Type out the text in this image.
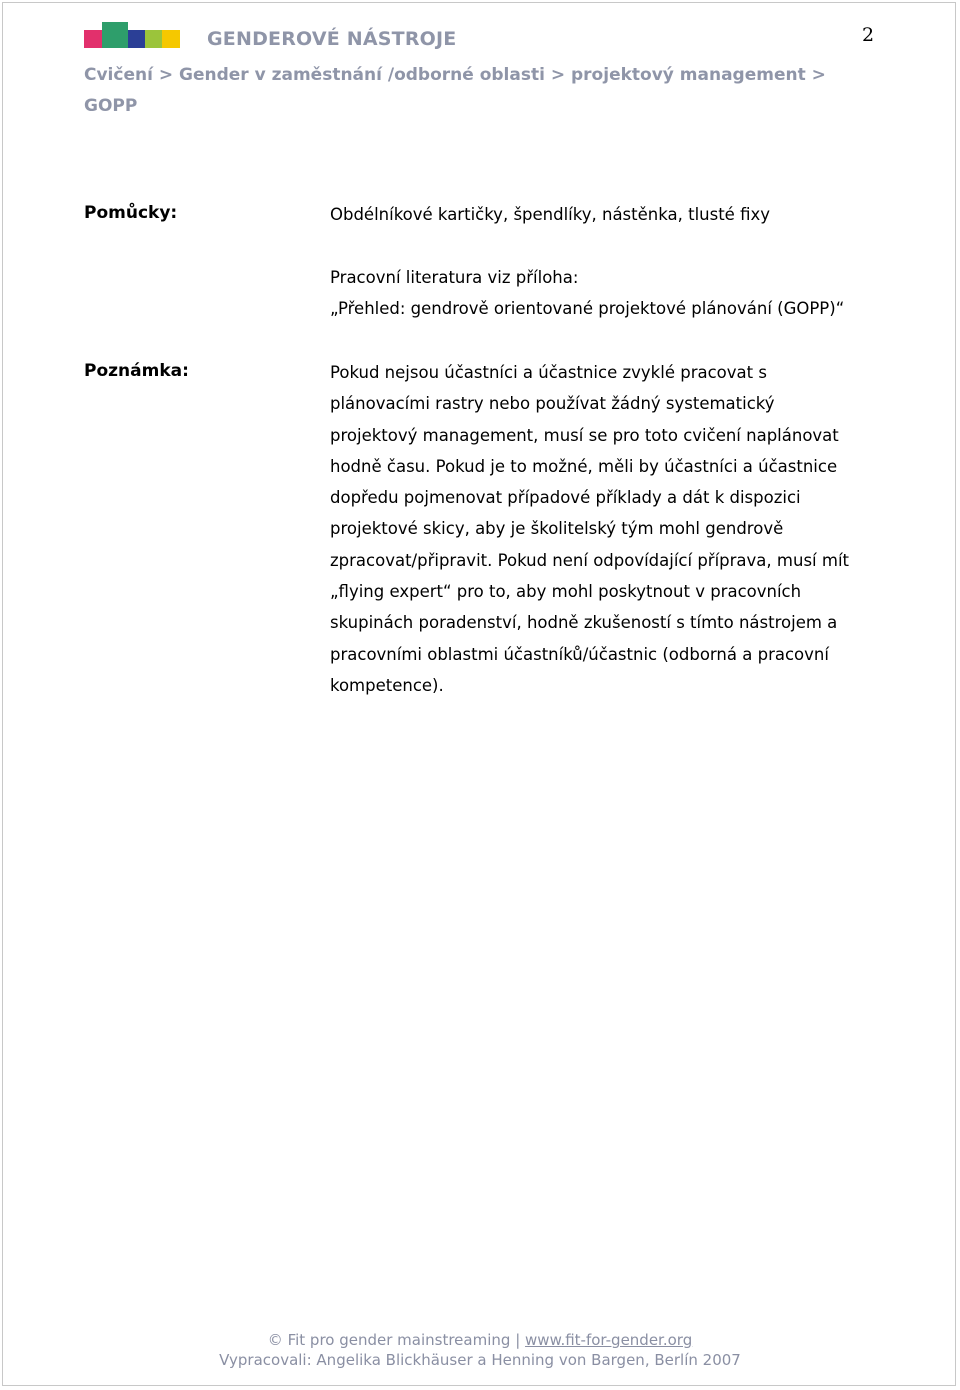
GENDEROVÉ NÁSTROJE	2
Cvičení > Gender v zaměstnání /odborné oblasti > projektový management >
GOPP
Pomůcky:	Obdélníkové kartičky, špendlíky, nástěnka, tlusté fixy
Pracovní literatura viz příloha:
„Přehled: gendrově orientované projektové plánování (GOPP)“
Poznámka:	Pokud nejsou účastníci a účastnice zvyklé pracovat s
plánovacími rastry nebo používat žádný systematický
projektový management, musí se pro toto cvičení naplánovat
hodně času. Pokud je to možné, měli by účastníci a účastnice
dopředu pojmenovat případové příklady a dát k dispozici
projektové skicy, aby je školitelský tým mohl gendrově
zpracovat/připravit. Pokud není odpovídající příprava, musí mít
„flying expert“ pro to, aby mohl poskytnout v pracovních
skupinách poradenství, hodně zkušeností s tímto nástrojem a
pracovními oblastmi účastníků/účastnic (odborná a pracovní
kompetence).
© Fit pro gender mainstreaming | www.fit-for-gender.org
Vypracovali: Angelika Blickhäuser a Henning von Bargen, Berlín 2007
